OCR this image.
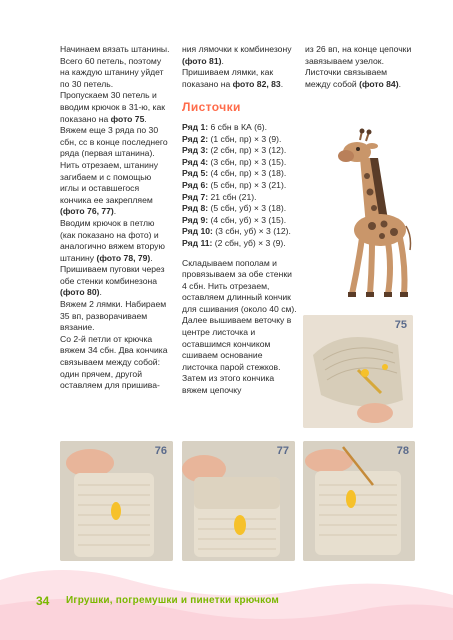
Начинаем вязать штанины. Всего 60 петель, поэтому на каждую штанину уйдет по 30 петель.

Пропускаем 30 петель и вводим крючок в 31-ю, как показано на фото 75.

Вяжем еще 3 ряда по 30 сбн, сс в конце последнего ряда (первая штанина). Нить отрезаем, штанину загибаем и с помощью иглы и оставшегося кончика ее закрепляем (фото 76, 77).

Вводим крючок в петлю (как показано на фото) и аналогично вяжем вторую штанину (фото 78, 79).

Пришиваем пуговки через обе стенки комбинезона (фото 80).

Вяжем 2 лямки. Набираем 35 вп, разворачиваем вязание.

Со 2-й петли от крючка вяжем 34 сбн. Два кончика связываем между собой: один прячем, другой оставляем для пришива-

ния лямочки к комбинезону (фото 81).

Пришиваем лямки, как показано на фото 82, 83.

Листочки

Ряд 1: 6 сбн в КА (6).

Ряд 2: (1 сбн, пр) × 3 (9).

Ряд 3: (2 сбн, пр) × 3 (12).

Ряд 4: (3 сбн, пр) × 3 (15).

Ряд 5: (4 сбн, пр) × 3 (18).

Ряд 6: (5 сбн, пр) × 3 (21).

Ряд 7: 21 сбн (21).

Ряд 8: (5 сбн, уб) × 3 (18).

Ряд 9: (4 сбн, уб) × 3 (15).

Ряд 10: (3 сбн, уб) × 3 (12).

Ряд 11: (2 сбн, уб) × 3 (9).

Складываем пополам и провязываем за обе стенки 4 сбн. Нить отрезаем, оставляем длинный кончик для сшивания (около 40 см). Далее вышиваем веточку в центре листочка и оставшимся кончиком сшиваем основание листочка парой стежков. Затем из этого кончика вяжем цепочку

из 26 вп, на конце цепочки завязываем узелок. Листочки связываем между собой (фото 84).

75
76	77	78
34 Игрушки, погремушки и пинетки крючком
